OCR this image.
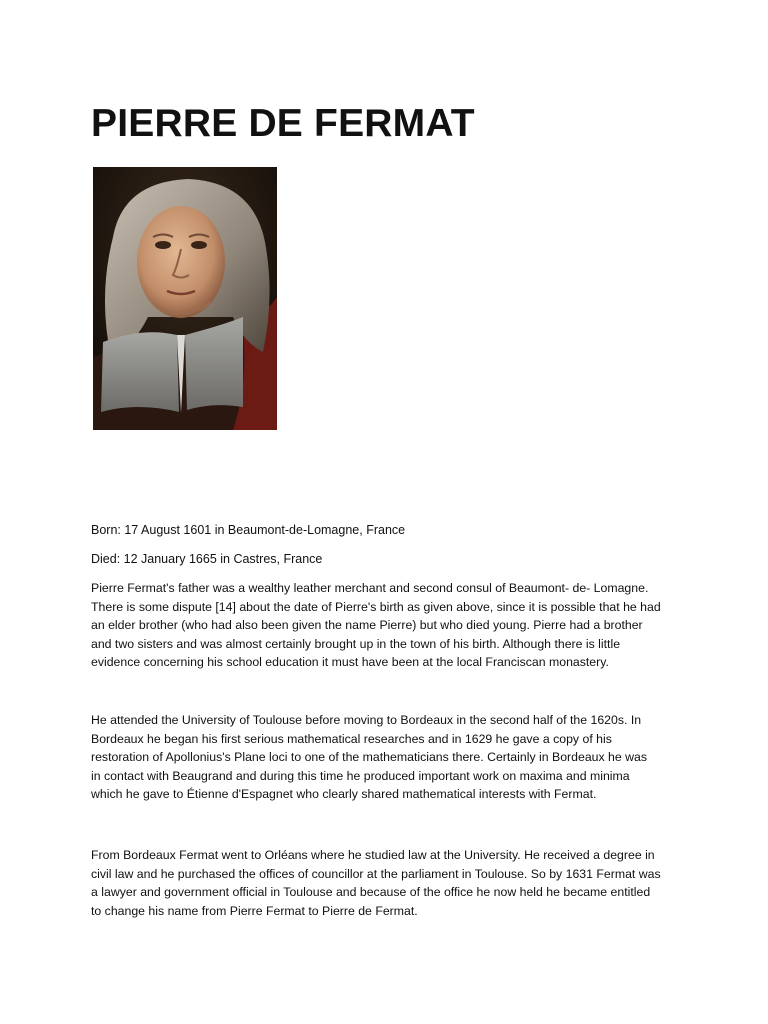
PIERRE DE FERMAT

Born: 17 August 1601 in Beaumont-de-Lomagne, France

Died: 12 January 1665 in Castres, France

Pierre Fermat's father was a wealthy leather merchant and second consul of Beaumont- de- Lomagne.
There is some dispute [14] about the date of Pierre's birth as given above, since it is possible that he had
an elder brother (who had also been given the name Pierre) but who died young. Pierre had a brother
and two sisters and was almost certainly brought up in the town of his birth. Although there is little
evidence concerning his school education it must have been at the local Franciscan monastery.
He attended the University of Toulouse before moving to Bordeaux in the second half of the 1620s. In
Bordeaux he began his first serious mathematical researches and in 1629 he gave a copy of his
restoration of Apollonius's Plane loci to one of the mathematicians there. Certainly in Bordeaux he was
in contact with Beaugrand and during this time he produced important work on maxima and minima
which he gave to Étienne d'Espagnet who clearly shared mathematical interests with Fermat.
From Bordeaux Fermat went to Orléans where he studied law at the University. He received a degree in
civil law and he purchased the offices of councillor at the parliament in Toulouse. So by 1631 Fermat was
a lawyer and government official in Toulouse and because of the office he now held he became entitled
to change his name from Pierre Fermat to Pierre de Fermat.
